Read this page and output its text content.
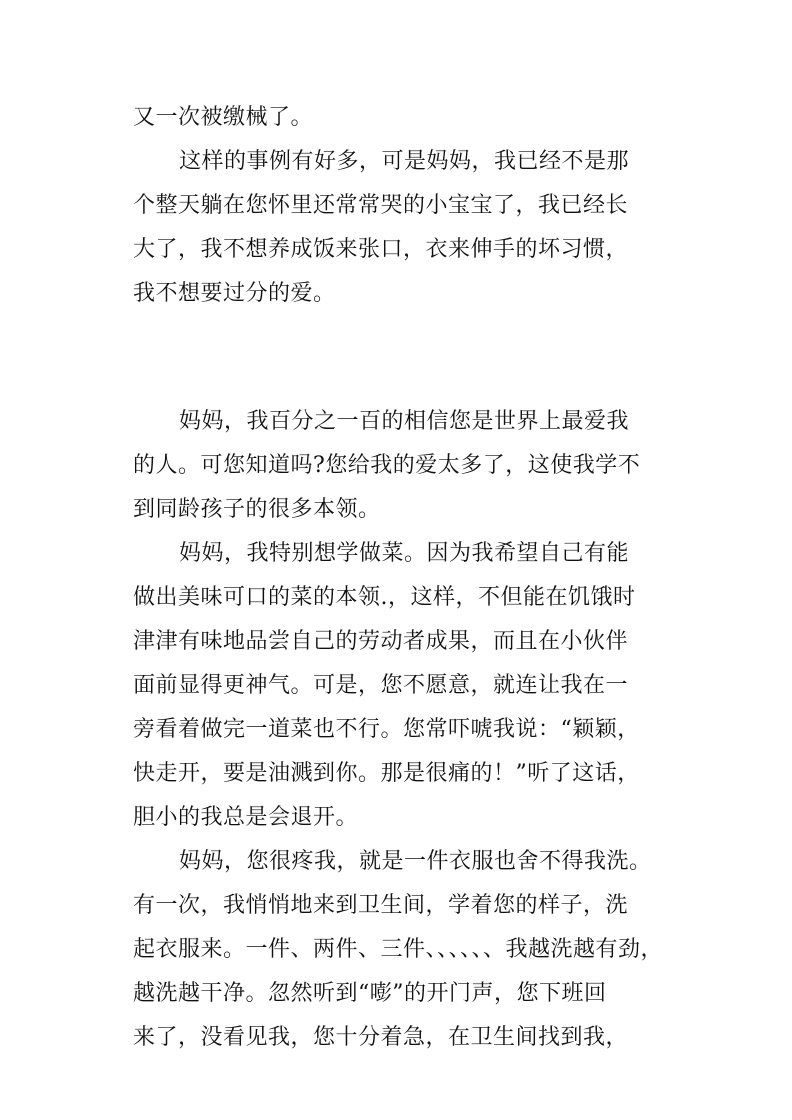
又一次被缴械了。
这样的事例有好多，可是妈妈，我已经不是那
个整天躺在您怀里还常常哭的小宝宝了，我已经长
大了，我不想养成饭来张口，衣来伸手的坏习惯，
我不想要过分的爱。
妈妈，我百分之一百的相信您是世界上最爱我
的人。可您知道吗?您给我的爱太多了，这使我学不
到同龄孩子的很多本领。
妈妈，我特别想学做菜。因为我希望自己有能
做出美味可口的菜的本领.，这样，不但能在饥饿时
津津有味地品尝自己的劳动者成果，而且在小伙伴
面前显得更神气。可是，您不愿意，就连让我在一
旁看着做完一道菜也不行。您常吓唬我说：“颖颖，
快走开，要是油溅到你。那是很痛的！”听了这话，
胆小的我总是会退开。
妈妈，您很疼我，就是一件衣服也舍不得我洗。
有一次，我悄悄地来到卫生间，学着您的样子，洗
起衣服来。一件、两件、三件、、、、、、我越洗越有劲，
越洗越干净。忽然听到“嘭”的开门声，您下班回
来了，没看见我，您十分着急，在卫生间找到我，
